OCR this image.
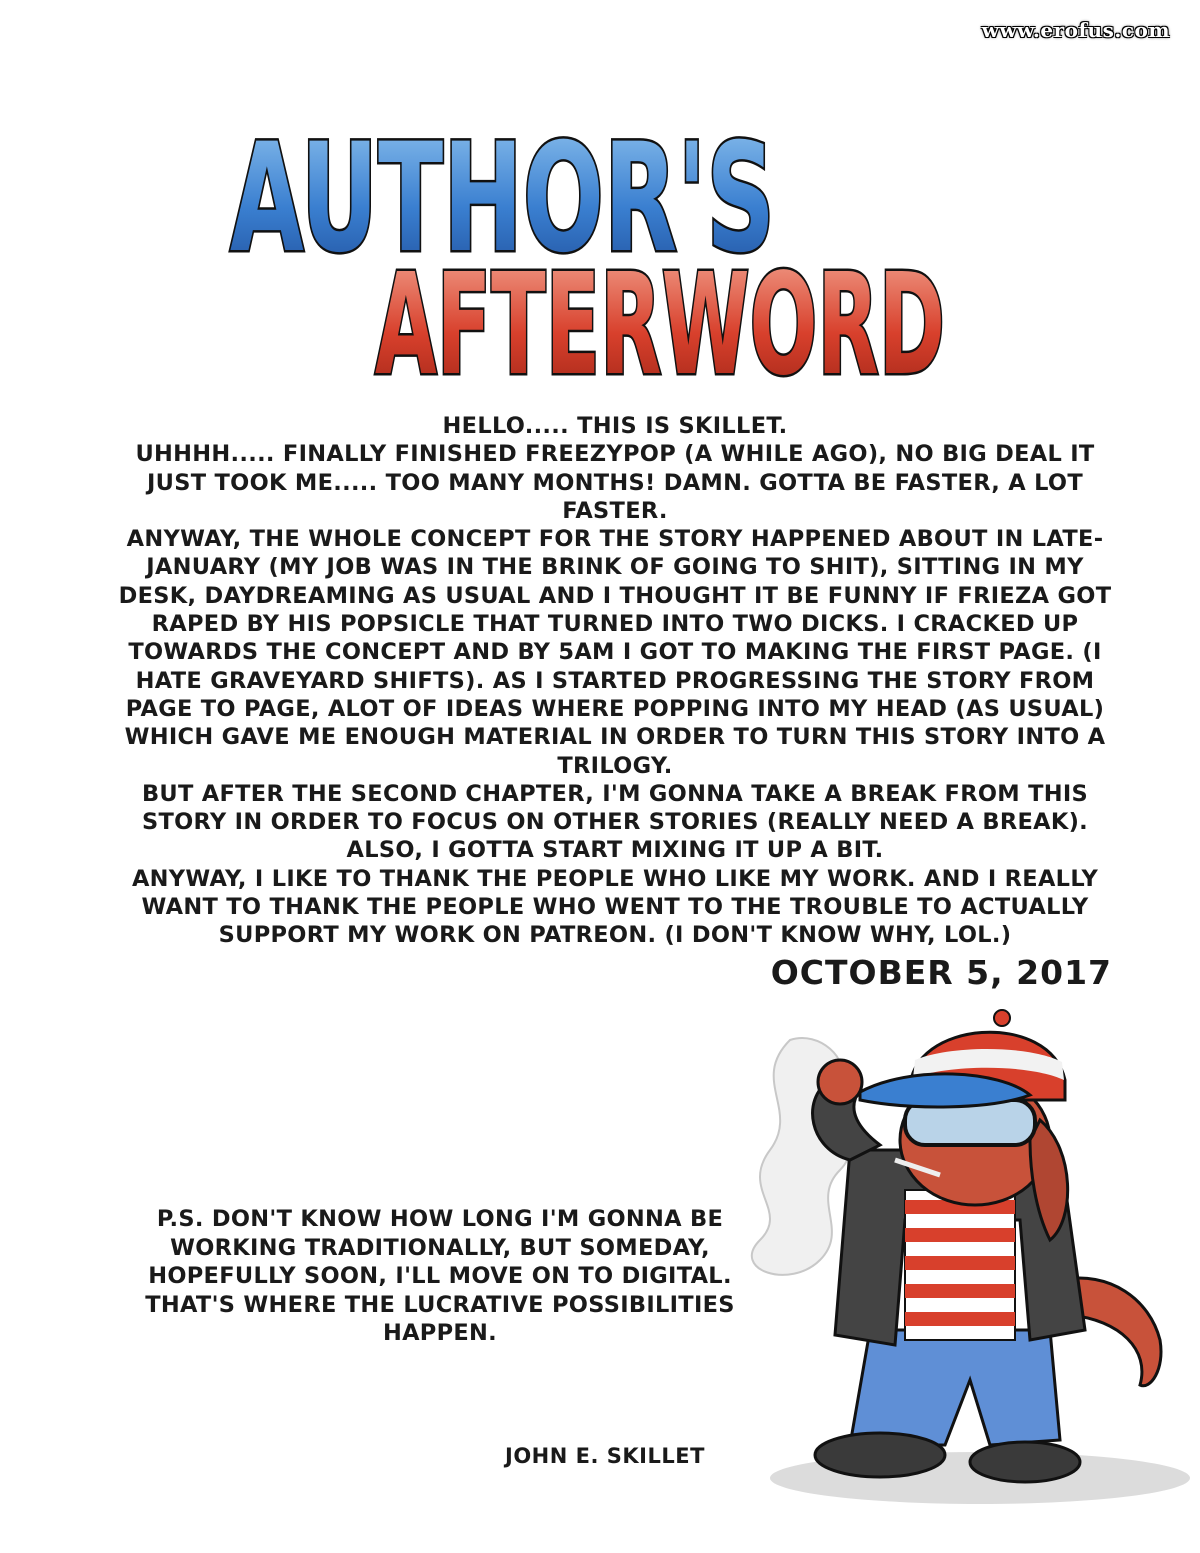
www.erofus.com
AUTHOR'S
AFTERWORD

HELLO..... THIS IS SKILLET.

UHHHH..... FINALLY FINISHED FREEZYPOP (A WHILE AGO), NO BIG DEAL IT JUST TOOK ME..... TOO MANY MONTHS! DAMN. GOTTA BE FASTER, A LOT FASTER.

ANYWAY, THE WHOLE CONCEPT FOR THE STORY HAPPENED ABOUT IN LATE-JANUARY (MY JOB WAS IN THE BRINK OF GOING TO SHIT), SITTING IN MY DESK, DAYDREAMING AS USUAL AND I THOUGHT IT BE FUNNY IF FRIEZA GOT RAPED BY HIS POPSICLE THAT TURNED INTO TWO DICKS. I CRACKED UP TOWARDS THE CONCEPT AND BY 5AM I GOT TO MAKING THE FIRST PAGE. (I HATE GRAVEYARD SHIFTS). AS I STARTED PROGRESSING THE STORY FROM PAGE TO PAGE, ALOT OF IDEAS WHERE POPPING INTO MY HEAD (AS USUAL) WHICH GAVE ME ENOUGH MATERIAL IN ORDER TO TURN THIS STORY INTO A TRILOGY.

BUT AFTER THE SECOND CHAPTER, I'M GONNA TAKE A BREAK FROM THIS STORY IN ORDER TO FOCUS ON OTHER STORIES (REALLY NEED A BREAK).

ALSO, I GOTTA START MIXING IT UP A BIT.

ANYWAY, I LIKE TO THANK THE PEOPLE WHO LIKE MY WORK. AND I REALLY WANT TO THANK THE PEOPLE WHO WENT TO THE TROUBLE TO ACTUALLY SUPPORT MY WORK ON PATREON. (I DON'T KNOW WHY, LOL.)

OCTOBER 5, 2017
P.S. DON'T KNOW HOW LONG I'M GONNA BE WORKING TRADITIONALLY, BUT SOMEDAY, HOPEFULLY SOON, I'LL MOVE ON TO DIGITAL. THAT'S WHERE THE LUCRATIVE POSSIBILITIES HAPPEN.
JOHN E. SKILLET
